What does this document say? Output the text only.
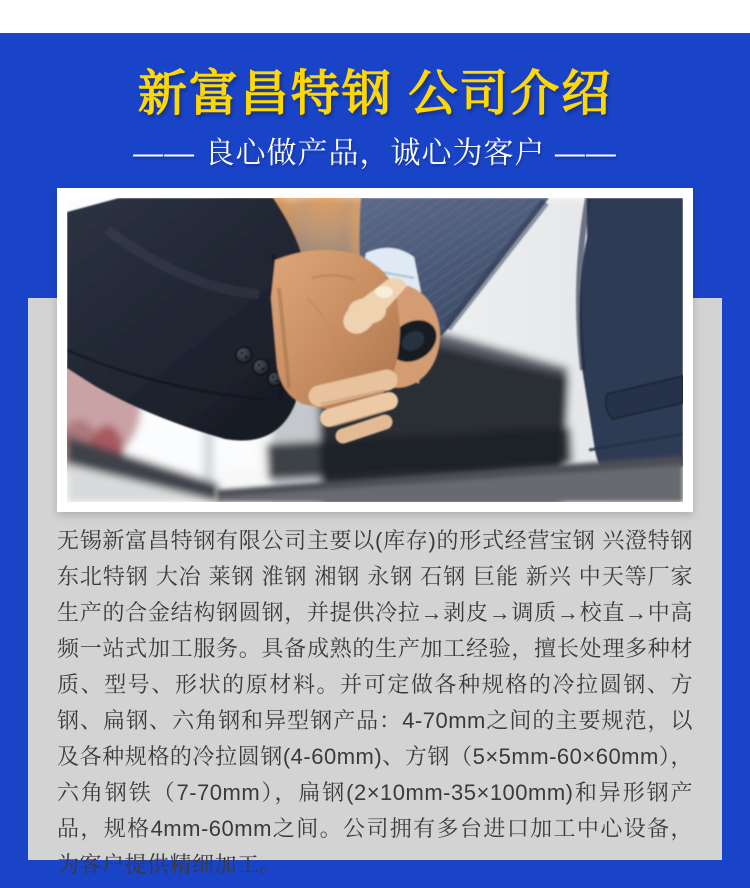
新富昌特钢 公司介绍
—— 良心做产品，诚心为客户 ——
无锡新富昌特钢有限公司主要以(库存)的形式经营宝钢 兴澄特钢 东北特钢 大冶 莱钢 淮钢 湘钢 永钢 石钢 巨能 新兴 中天等厂家生产的合金结构钢圆钢，并提供冷拉→剥皮→调质→校直→中高频一站式加工服务。具备成熟的生产加工经验，擅长处理多种材质、型号、形状的原材料。并可定做各种规格的冷拉圆钢、方钢、扁钢、六角钢和异型钢产品：4-70mm之间的主要规范，以及各种规格的冷拉圆钢(4-60mm)、方钢（5×5mm-60×60mm），六角钢铁（7-70mm），扁钢(2×10mm-35×100mm)和异形钢产品，规格4mm-60mm之间。公司拥有多台进口加工中心设备，为客户提供精细加工。
